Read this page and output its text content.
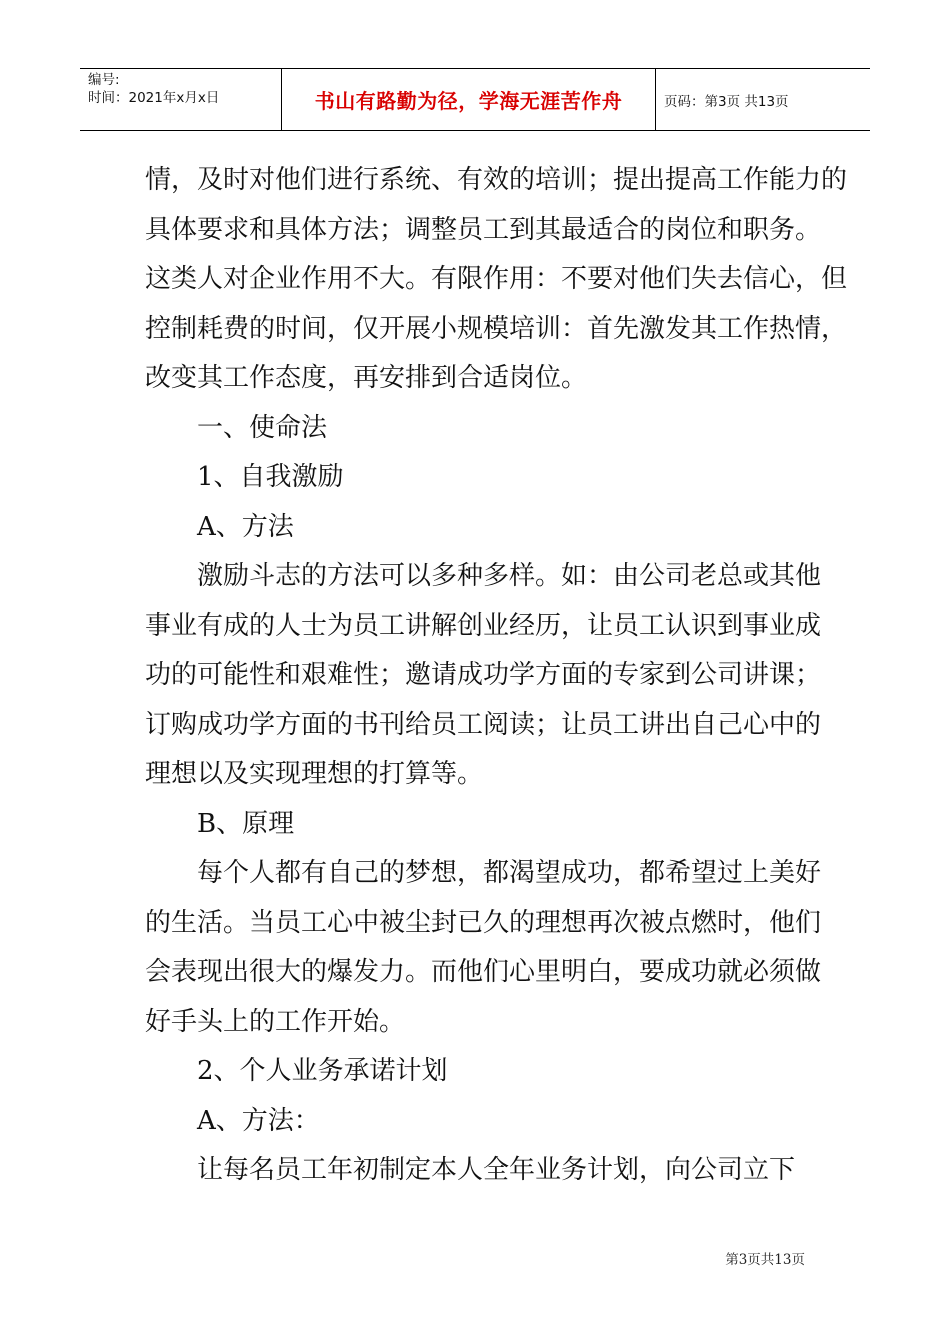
编号:
时间：2021年x月x日	书山有路勤为径，学海无涯苦作舟	页码：第3页 共13页

情，及时对他们进行系统、有效的培训；提出提高工作能力的

具体要求和具体方法；调整员工到其最适合的岗位和职务。

这类人对企业作用不大。有限作用：不要对他们失去信心，但

控制耗费的时间，仅开展小规模培训：首先激发其工作热情，

改变其工作态度，再安排到合适岗位。

一、使命法

1、自我激励

A、方法

激励斗志的方法可以多种多样。如：由公司老总或其他

事业有成的人士为员工讲解创业经历，让员工认识到事业成

功的可能性和艰难性；邀请成功学方面的专家到公司讲课；

订购成功学方面的书刊给员工阅读；让员工讲出自己心中的

理想以及实现理想的打算等。

B、原理

每个人都有自己的梦想，都渴望成功，都希望过上美好

的生活。当员工心中被尘封已久的理想再次被点燃时，他们

会表现出很大的爆发力。而他们心里明白，要成功就必须做

好手头上的工作开始。

2、个人业务承诺计划

A、方法：

让每名员工年初制定本人全年业务计划，向公司立下

第3页共13页
